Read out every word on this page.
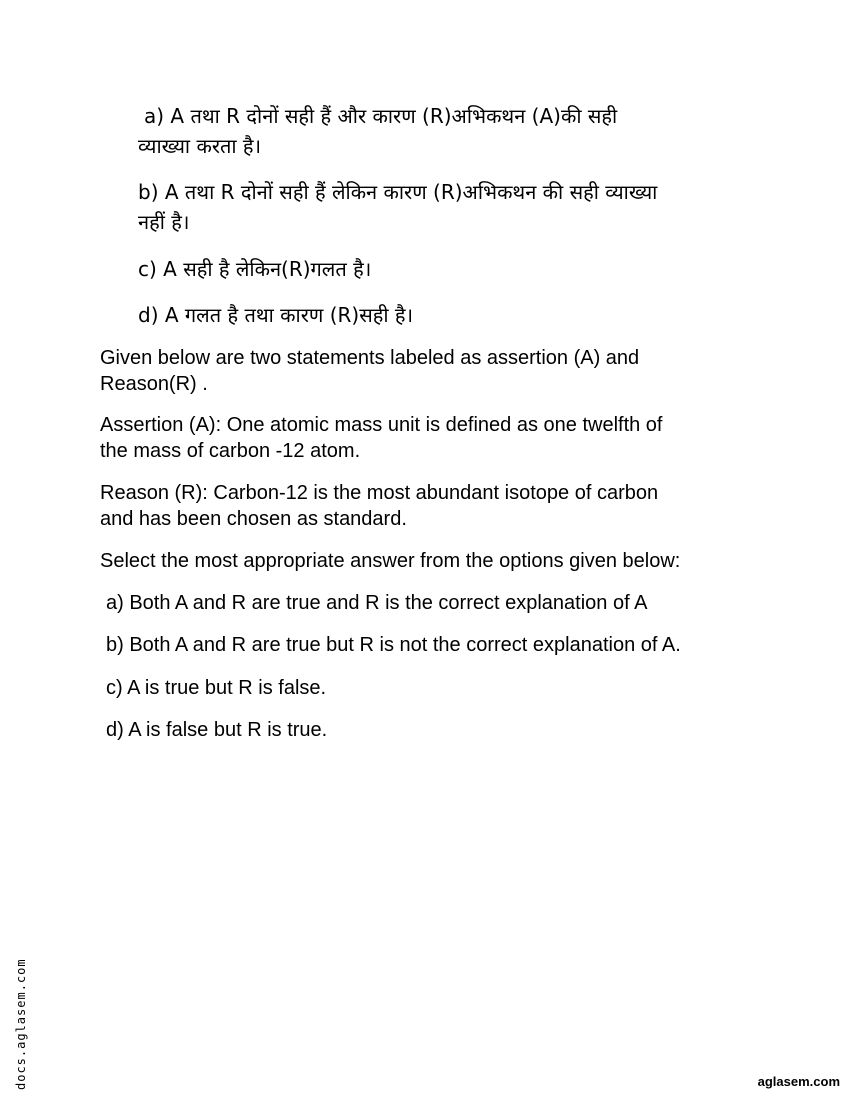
a) A तथा R दोनों सही हैं और कारण (R)अभिकथन (A)की सही

व्याख्या करता है।

b) A तथा R दोनों सही हैं लेकिन कारण (R)अभिकथन की सही व्याख्या

नहीं है।

c) A सही है लेकिन(R)गलत है।

d) A गलत है तथा कारण (R)सही है।

Given below are two statements labeled as assertion (A) and

Reason(R) .

Assertion (A): One atomic mass unit is defined as one twelfth of

the mass of carbon -12 atom.

Reason (R): Carbon-12 is the most abundant isotope of carbon

and has been chosen as standard.

Select the most appropriate answer from the options given below:

a) Both A and R are true and R is the correct explanation of A

b) Both A and R are true but R is not the correct explanation of A.

c) A is true but R is false.

d) A is false but R is true.

docs.aglasem.com	aglasem.com
